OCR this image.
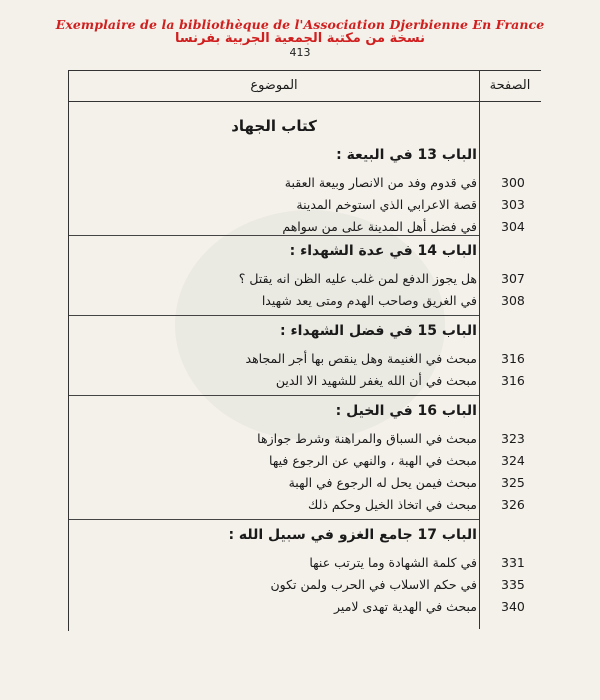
Exemplaire de la bibliothèque de l'Association Djerbienne En France
نسخة من مكتبة الجمعية الجربية بفرنسا
413
الموضوع	الصفحة
كتاب الجهاد
الباب 13 في البيعة :
في قدوم وفد من الانصار وبيعة العقبة 300
قصة الاعرابي الذي استوخم المدينة 303
في فضل أهل المدينة على من سواهم 304
الباب 14 في عدة الشهداء :
هل يجوز الدفع لمن غلب عليه الظن انه يقتل ؟ 307
في الغريق وصاحب الهدم ومتى يعد شهيدا 308
الباب 15 في فضل الشهداء :
مبحث في الغنيمة وهل ينقص بها أجر المجاهد 316
مبحث في أن الله يغفر للشهيد الا الدين 316
الباب 16 في الخيل :
مبحث في السباق والمراهنة وشرط جوازها 323
مبحث في الهبة ، والنهي عن الرجوع فيها 324
مبحث فيمن يحل له الرجوع في الهبة 325
مبحث في اتخاذ الخيل وحكم ذلك 326
الباب 17 جامع الغزو في سبيل الله :
في كلمة الشهادة وما يترتب عنها 331
في حكم الاسلاب في الحرب ولمن تكون 335
مبحث في الهدية تهدى لامير 340
